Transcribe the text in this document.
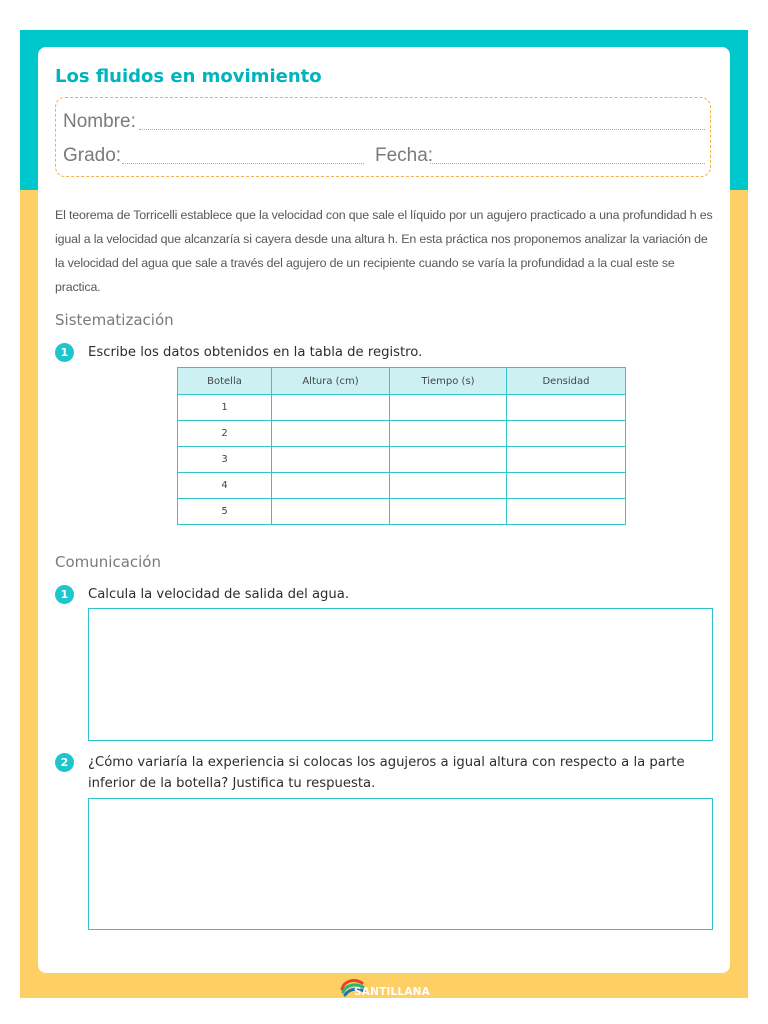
Los fluidos en movimiento
Nombre:
Grado:	Fecha:

El teorema de Torricelli establece que la velocidad con que sale el líquido por un agujero practicado a una profundidad h es igual a la velocidad que alcanzaría si cayera desde una altura h. En esta práctica nos proponemos analizar la variación de la velocidad del agua que sale a través del agujero de un recipiente cuando se varía la profundidad a la cual este se practica.

Sistematización
1	Escribe los datos obtenidos en la tabla de registro.

Botella	Altura (cm)	Tiempo (s)	Densidad
1			
2			
3			
4			
5			
Comunicación
1	Calcula la velocidad de salida del agua.

2	¿Cómo variaría la experiencia si colocas los agujeros a igual altura con respecto a la parte inferior de la botella? Justifica tu respuesta.

SANTILLANA
